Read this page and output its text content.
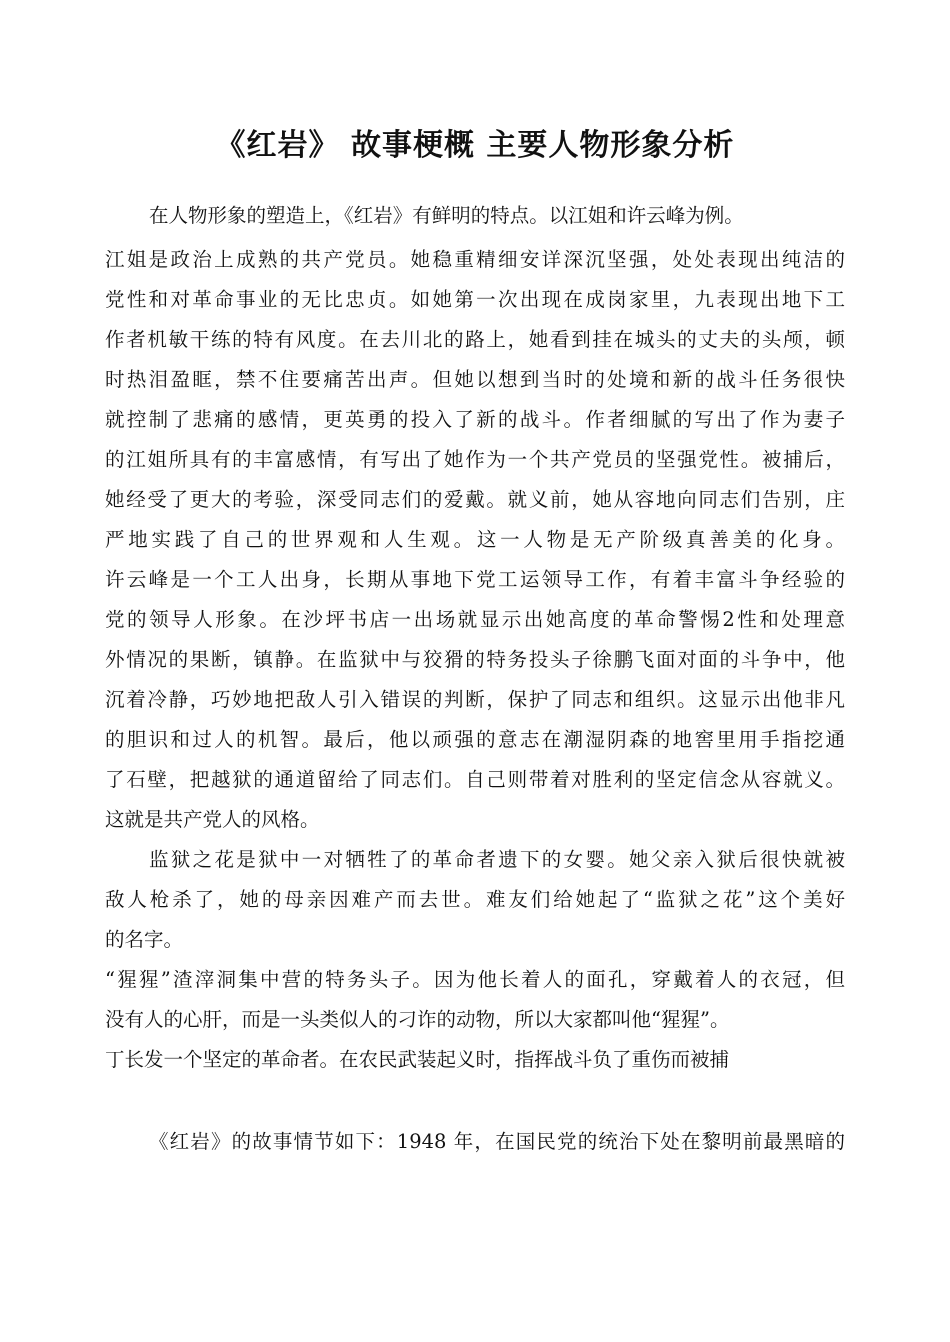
《红岩》 故事梗概 主要人物形象分析
在人物形象的塑造上，《红岩》有鲜明的特点。以江姐和许云峰为例。
江姐是政治上成熟的共产党员。她稳重精细安详深沉坚强，处处表现出纯洁的
党性和对革命事业的无比忠贞。如她第一次出现在成岗家里，九表现出地下工
作者机敏干练的特有风度。在去川北的路上，她看到挂在城头的丈夫的头颅，顿
时热泪盈眶，禁不住要痛苦出声。但她以想到当时的处境和新的战斗任务很快
就控制了悲痛的感情，更英勇的投入了新的战斗。作者细腻的写出了作为妻子
的江姐所具有的丰富感情，有写出了她作为一个共产党员的坚强党性。被捕后，
她经受了更大的考验，深受同志们的爱戴。就义前，她从容地向同志们告别，庄
严地实践了自己的世界观和人生观。这一人物是无产阶级真善美的化身。
许云峰是一个工人出身，长期从事地下党工运领导工作，有着丰富斗争经验的
党的领导人形象。在沙坪书店一出场就显示出她高度的革命警惕2性和处理意
外情况的果断，镇静。在监狱中与狡猾的特务投头子徐鹏飞面对面的斗争中，他
沉着冷静，巧妙地把敌人引入错误的判断，保护了同志和组织。这显示出他非凡
的胆识和过人的机智。最后，他以顽强的意志在潮湿阴森的地窖里用手指挖通
了石壁，把越狱的通道留给了同志们。自己则带着对胜利的坚定信念从容就义。
这就是共产党人的风格。
监狱之花是狱中一对牺牲了的革命者遗下的女婴。她父亲入狱后很快就被
敌人枪杀了，她的母亲因难产而去世。难友们给她起了“监狱之花”这个美好
的名字。
“猩猩”渣滓洞集中营的特务头子。因为他长着人的面孔，穿戴着人的衣冠，但
没有人的心肝，而是一头类似人的刁诈的动物，所以大家都叫他“猩猩”。
丁长发一个坚定的革命者。在农民武装起义时，指挥战斗负了重伤而被捕
《红岩》的故事情节如下：1948 年，在国民党的统治下处在黎明前最黑暗的
